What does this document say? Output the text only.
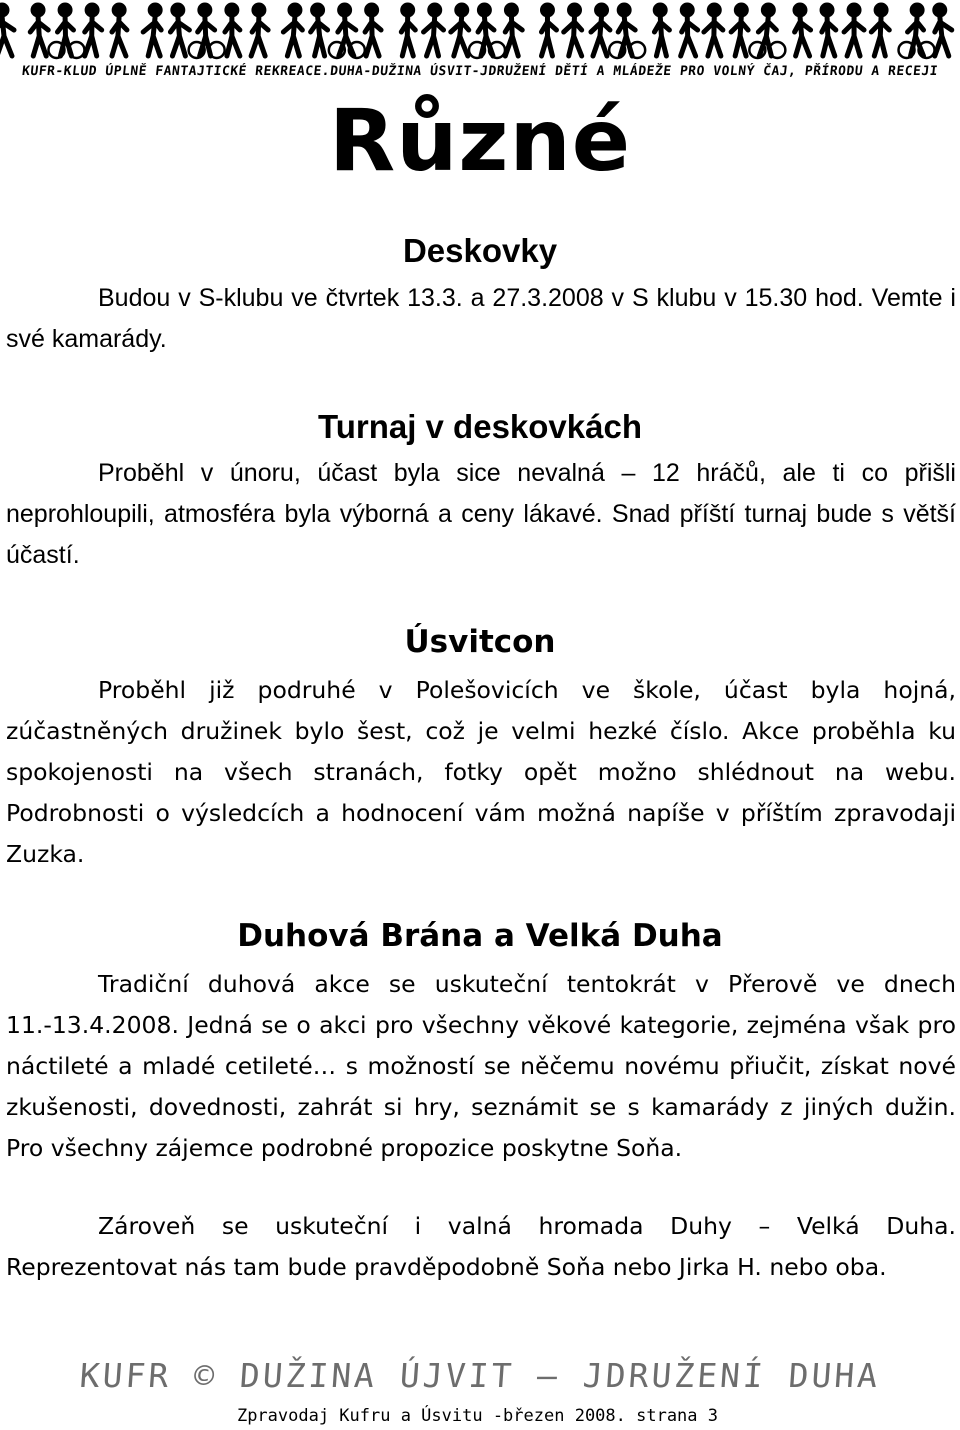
KUFR-KLUD ÚPLNĚ FANTAJTICKÉ REKREACE.DUHA-DUŽINA ÚSVIT-JDRUŽENÍ DĚTÍ A MLÁDEŽE PRO VOLNÝ ČAJ, PŘÍRODU A RECEJI
Různé
Deskovky

Budou v S-klubu ve čtvrtek 13.3. a 27.3.2008 v S klubu v 15.30 hod. Vemte i své kamarády.

Turnaj v deskovkách

Proběhl v únoru, účast byla sice nevalná – 12 hráčů, ale ti co přišli neprohloupili, atmosféra byla výborná a ceny lákavé. Snad příští turnaj bude s větší účastí.

Úsvitcon

Proběhl již podruhé v Polešovicích ve škole, účast byla hojná, zúčastněných družinek bylo šest, což je velmi hezké číslo. Akce proběhla ku spokojenosti na všech stranách, fotky opět možno shlédnout na webu. Podrobnosti o výsledcích a hodnocení vám možná napíše v příštím zpravodaji Zuzka.

Duhová Brána a Velká Duha

Tradiční duhová akce se uskuteční tentokrát v Přerově ve dnech 11.-13.4.2008. Jedná se o akci pro všechny věkové kategorie, zejména však pro náctileté a mladé cetileté… s možností se něčemu novému přiučit, získat nové zkušenosti, dovednosti, zahrát si hry, seznámit se s kamarády z jiných dužin. Pro všechny zájemce podrobné propozice poskytne Soňa.

Zároveň se uskuteční i valná hromada Duhy – Velká Duha. Reprezentovat nás tam bude pravděpodobně Soňa nebo Jirka H. nebo oba.

KUFR © DUŽINA ÚJVIT – JDRUŽENÍ DUHA
Zpravodaj Kufru a Úsvitu -březen 2008. strana 3
